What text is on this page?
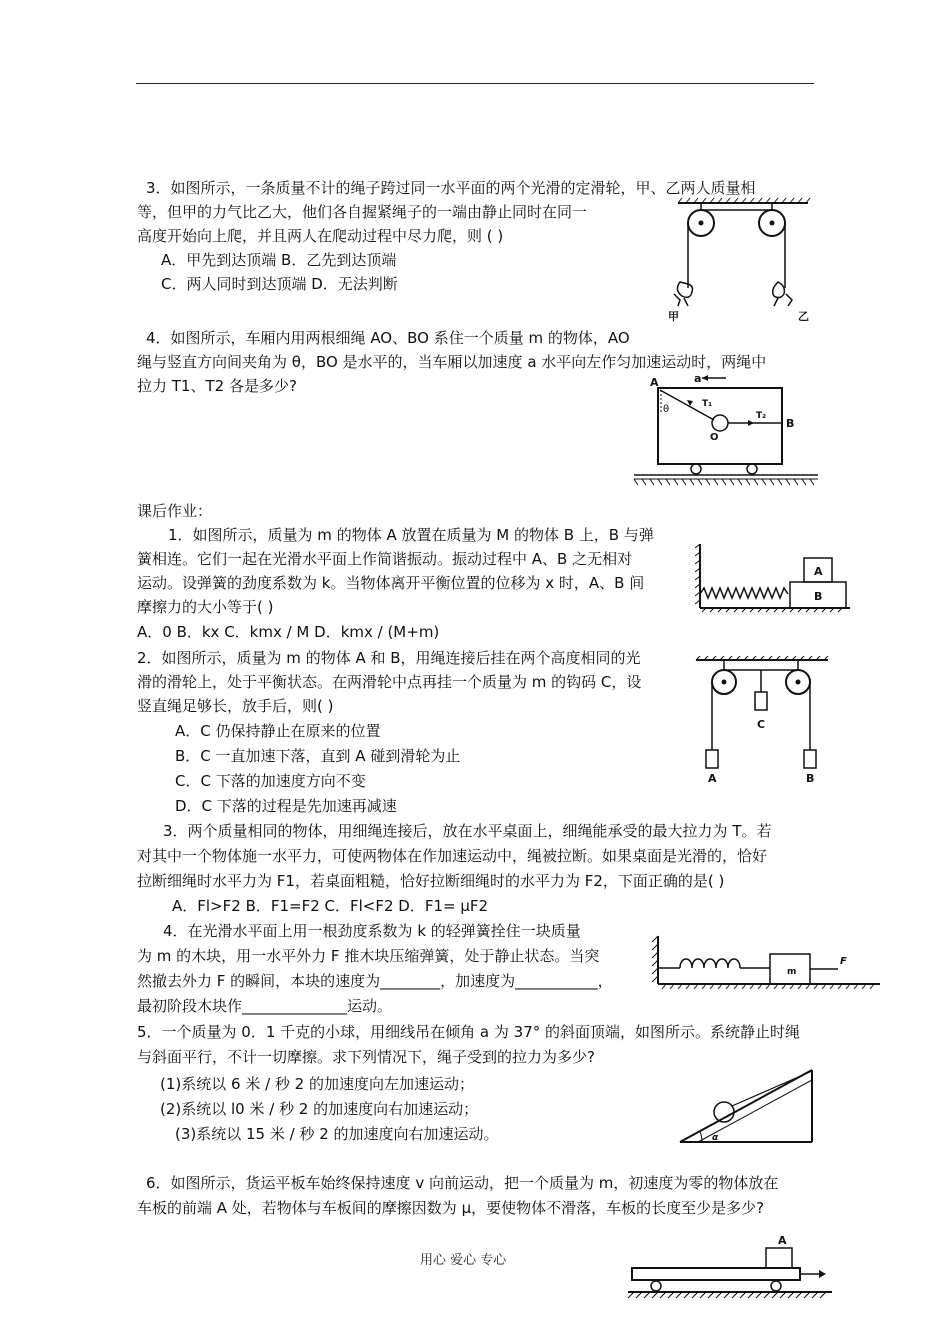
3．如图所示，一条质量不计的绳子跨过同一水平面的两个光滑的定滑轮，甲、乙两人质量相
等，但甲的力气比乙大，他们各自握紧绳子的一端由静止同时在同一
高度开始向上爬，并且两人在爬动过程中尽力爬，则 ( )
A．甲先到达顶端 B．乙先到达顶端
C．两人同时到达顶端 D．无法判断
甲	乙
4．如图所示，车厢内用两根细绳 AO、BO 系住一个质量 m 的物体，AO
绳与竖直方向间夹角为 θ，BO 是水平的，当车厢以加速度 a 水平向左作匀加速运动时，两绳中
拉力 T1、T2 各是多少?	a
A
B
θ	T₁
T₂
O
课后作业：
1．如图所示，质量为 m 的物体 A 放置在质量为 M 的物体 B 上，B 与弹
簧相连。它们一起在光滑水平面上作简谐振动。振动过程中 A、B 之无相对
运动。设弹簧的劲度系数为 k。当物体离开平衡位置的位移为 x 时，A、B 间
摩擦力的大小等于( )
A．0 B．kx C．kmx / M D．kmx / (M+m)
A
B
2．如图所示，质量为 m 的物体 A 和 B，用绳连接后挂在两个高度相同的光
滑的滑轮上，处于平衡状态。在两滑轮中点再挂一个质量为 m 的钩码 C，设
竖直绳足够长，放手后，则( )
A．C 仍保持静止在原来的位置
B．C 一直加速下落，直到 A 碰到滑轮为止
C．C 下落的加速度方向不变
D．C 下落的过程是先加速再减速
C
A	B
3．两个质量相同的物体，用细绳连接后，放在水平桌面上，细绳能承受的最大拉力为 T。若
对其中一个物体施一水平力，可使两物体在作加速运动中，绳被拉断。如果桌面是光滑的，恰好
拉断细绳时水平力为 F1，若桌面粗糙，恰好拉断细绳时的水平力为 F2，下面正确的是( )
A．Fl>F2 B．F1=F2 C．Fl<F2 D．F1= μF2
4．在光滑水平面上用一根劲度系数为 k 的轻弹簧拴住一块质量
为 m 的木块，用一水平外力 F 推木块压缩弹簧，处于静止状态。当突
然撤去外力 F 的瞬间，本块的速度为________，加速度为___________，
最初阶段木块作______________运动。
m
F
5．一个质量为 0．1 千克的小球，用细线吊在倾角 a 为 37° 的斜面顶端，如图所示。系统静止时绳
与斜面平行，不计一切摩擦。求下列情况下，绳子受到的拉力为多少?
(1)系统以 6 米 / 秒 2 的加速度向左加速运动；
(2)系统以 l0 米 / 秒 2 的加速度向右加速运动；
(3)系统以 15 米 / 秒 2 的加速度向右加速运动。	α
6．如图所示，货运平板车始终保持速度 v 向前运动，把一个质量为 m，初速度为零的物体放在
车板的前端 A 处，若物体与车板间的摩擦因数为 μ，要使物体不滑落，车板的长度至少是多少?
A
用心 爱心 专心
